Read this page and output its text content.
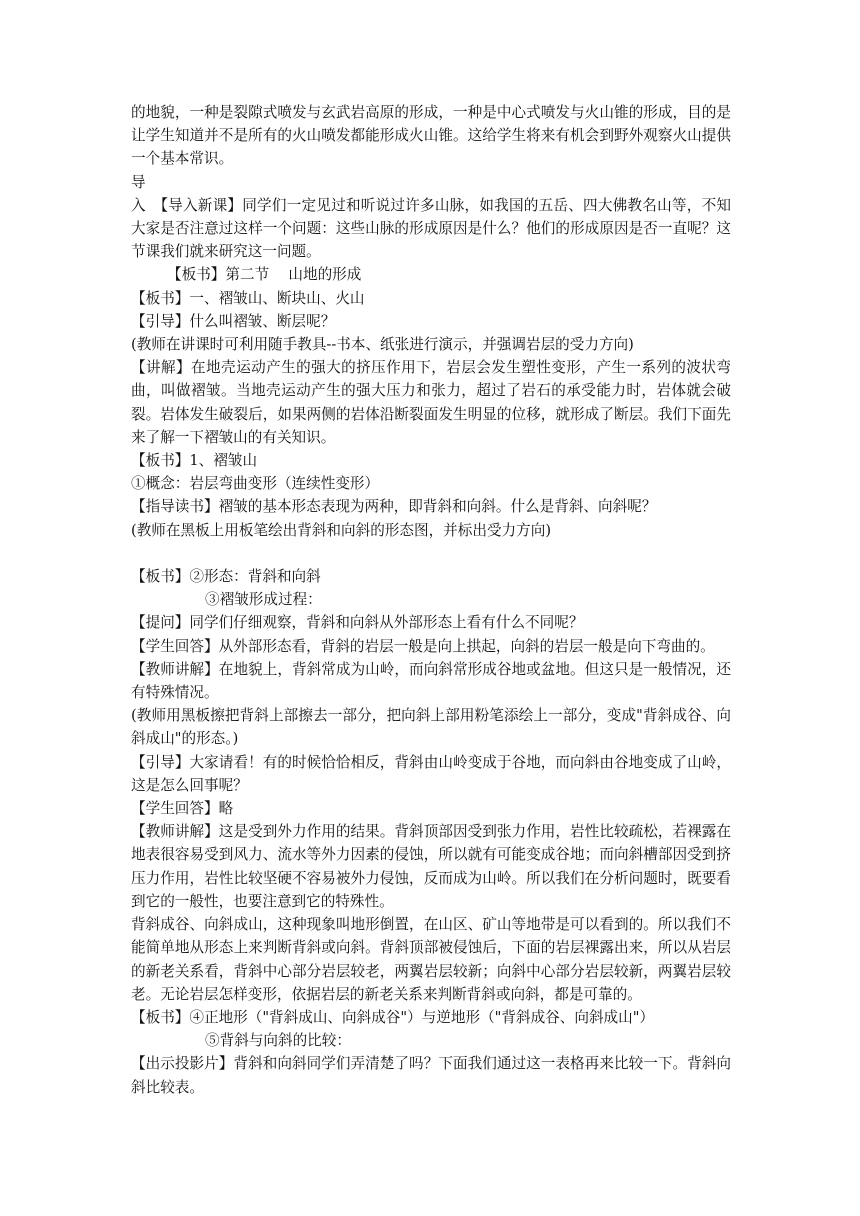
的地貌，一种是裂隙式喷发与玄武岩高原的形成，一种是中心式喷发与火山锥的形成，目的是让学生知道并不是所有的火山喷发都能形成火山锥。这给学生将来有机会到野外观察火山提供一个基本常识。

导

入　【导入新课】同学们一定见过和听说过许多山脉，如我国的五岳、四大佛教名山等，不知大家是否注意过这样一个问题：这些山脉的形成原因是什么？他们的形成原因是否一直呢？这节课我们就来研究这一问题。

【板书】第二节　 山地的形成

【板书】一、褶皱山、断块山、火山

【引导】什么叫褶皱、断层呢？

(教师在讲课时可利用随手教具--书本、纸张进行演示，并强调岩层的受力方向)

【讲解】在地壳运动产生的强大的挤压作用下，岩层会发生塑性变形，产生一系列的波状弯曲，叫做褶皱。当地壳运动产生的强大压力和张力，超过了岩石的承受能力时，岩体就会破裂。岩体发生破裂后，如果两侧的岩体沿断裂面发生明显的位移，就形成了断层。我们下面先来了解一下褶皱山的有关知识。

【板书】1、褶皱山

①概念：岩层弯曲变形（连续性变形）

【指导读书】褶皱的基本形态表现为两种，即背斜和向斜。什么是背斜、向斜呢？

(教师在黑板上用板笔绘出背斜和向斜的形态图，并标出受力方向)

【板书】②形态：背斜和向斜

③褶皱形成过程：

【提问】同学们仔细观察，背斜和向斜从外部形态上看有什么不同呢？

【学生回答】从外部形态看，背斜的岩层一般是向上拱起，向斜的岩层一般是向下弯曲的。

【教师讲解】在地貌上，背斜常成为山岭，而向斜常形成谷地或盆地。但这只是一般情况，还有特殊情况。

(教师用黑板擦把背斜上部擦去一部分，把向斜上部用粉笔添绘上一部分，变成"背斜成谷、向斜成山"的形态。)

【引导】大家请看！有的时候恰恰相反，背斜由山岭变成于谷地，而向斜由谷地变成了山岭，这是怎么回事呢？

【学生回答】略

【教师讲解】这是受到外力作用的结果。背斜顶部因受到张力作用，岩性比较疏松，若裸露在地表很容易受到风力、流水等外力因素的侵蚀，所以就有可能变成谷地；而向斜槽部因受到挤压力作用，岩性比较坚硬不容易被外力侵蚀，反而成为山岭。所以我们在分析问题时，既要看到它的一般性，也要注意到它的特殊性。

背斜成谷、向斜成山，这种现象叫地形倒置，在山区、矿山等地带是可以看到的。所以我们不能简单地从形态上来判断背斜或向斜。背斜顶部被侵蚀后，下面的岩层裸露出来，所以从岩层的新老关系看，背斜中心部分岩层较老，两翼岩层较新；向斜中心部分岩层较新，两翼岩层较老。无论岩层怎样变形，依据岩层的新老关系来判断背斜或向斜，都是可靠的。

【板书】④正地形（"背斜成山、向斜成谷"）与逆地形（"背斜成谷、向斜成山"）

⑤背斜与向斜的比较：

【出示投影片】背斜和向斜同学们弄清楚了吗？下面我们通过这一表格再来比较一下。背斜向斜比较表。
